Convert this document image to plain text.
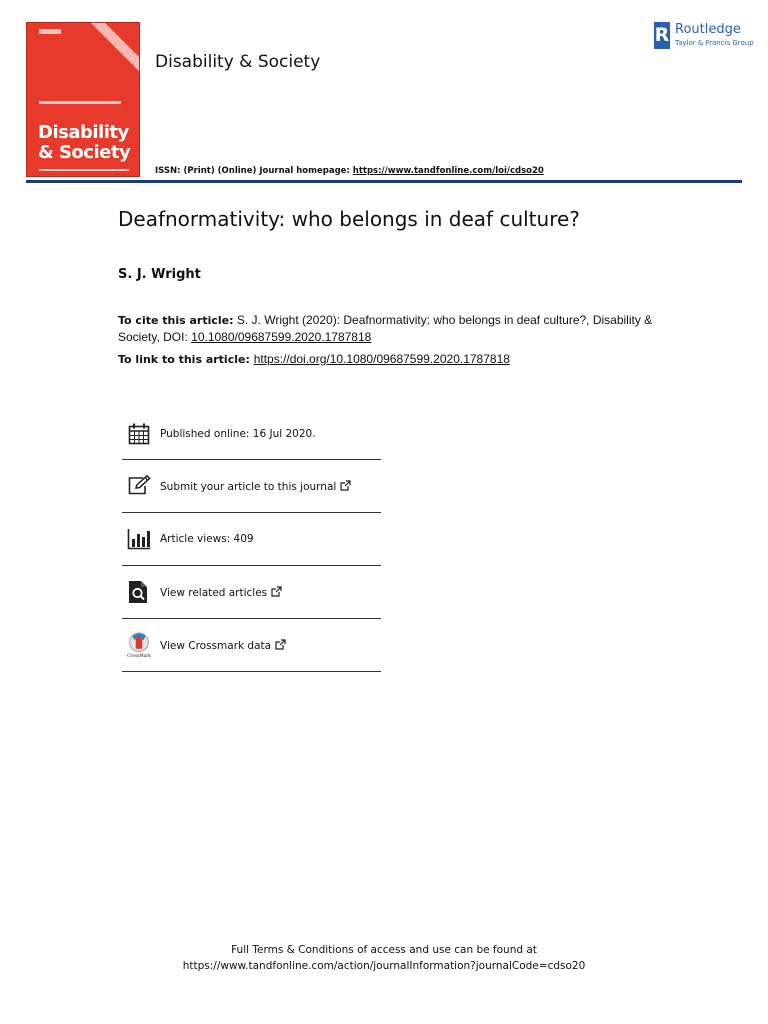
Disability
& Society
Disability & Society
R Routledge
Taylor & Francis Group
ISSN: (Print) (Online) Journal homepage: https://www.tandfonline.com/loi/cdso20
Deafnormativity: who belongs in deaf culture?
S. J. Wright
To cite this article: S. J. Wright (2020): Deafnormativity: who belongs in deaf culture?, Disability & Society, DOI: 10.1080/09687599.2020.1787818
To link to this article: https://doi.org/10.1080/09687599.2020.1787818
Published online: 16 Jul 2020.
Submit your article to this journal
Article views: 409
View related articles
CrossMark
View Crossmark data
Full Terms & Conditions of access and use can be found at
https://www.tandfonline.com/action/journalInformation?journalCode=cdso20
